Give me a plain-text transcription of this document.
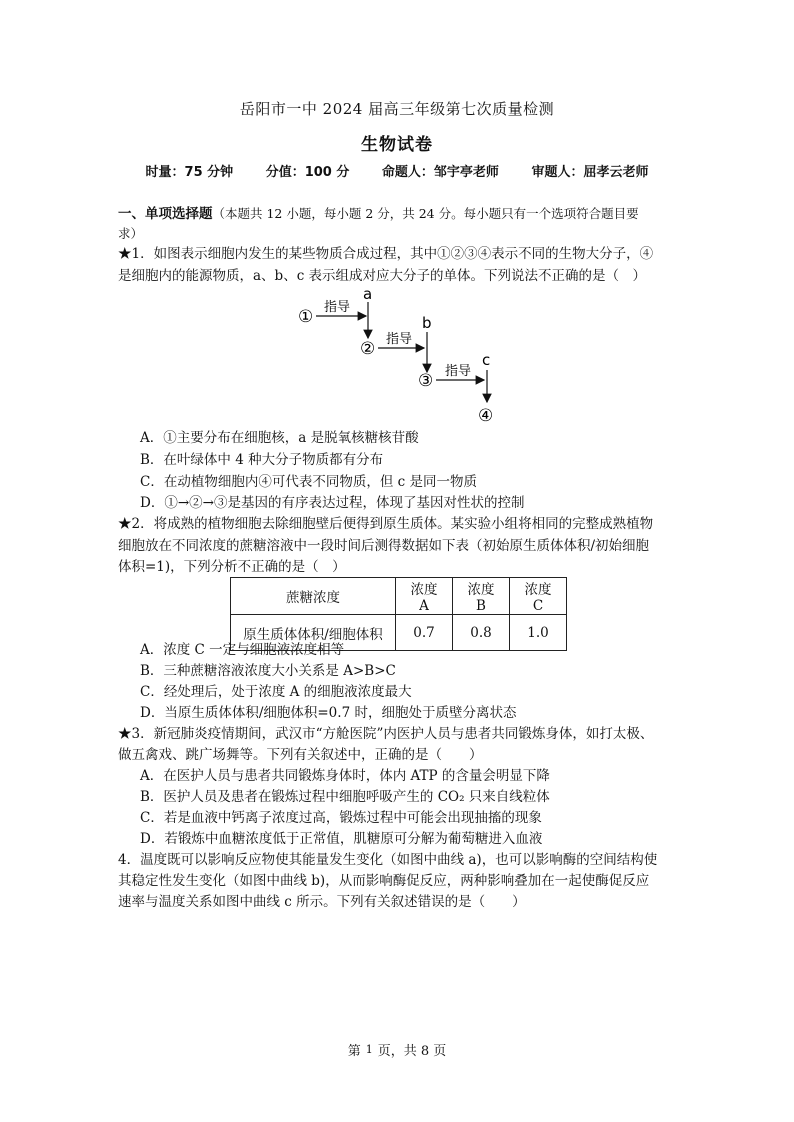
岳阳市一中 2024 届高三年级第七次质量检测
生物试卷
时量：75 分钟	分值：100 分	命题人：邹宇亭老师	审题人：屈孝云老师
一、单项选择题（本题共 12 小题，每小题 2 分，共 24 分。每小题只有一个选项符合题目要
求）
★1．如图表示细胞内发生的某些物质合成过程，其中①②③④表示不同的生物大分子，④
是细胞内的能源物质，a、b、c 表示组成对应大分子的单体。下列说法不正确的是（　）
① 指导
a
② 指导
b
③ 指导
c
④
A．①主要分布在细胞核，a 是脱氧核糖核苷酸
B．在叶绿体中 4 种大分子物质都有分布
C．在动植物细胞内④可代表不同物质，但 c 是同一物质
D．①→②→③是基因的有序表达过程，体现了基因对性状的控制
★2．将成熟的植物细胞去除细胞壁后便得到原生质体。某实验小组将相同的完整成熟植物
细胞放在不同浓度的蔗糖溶液中一段时间后测得数据如下表（初始原生质体体积/初始细胞
体积=1)，下列分析不正确的是（　）
蔗糖浓度	浓度 A	浓度 B	浓度 C
原生质体体积/细胞体积	0.7	0.8	1.0
A．浓度 C 一定与细胞液浓度相等
B．三种蔗糖溶液浓度大小关系是 A>B>C
C．经处理后，处于浓度 A 的细胞液浓度最大
D．当原生质体体积/细胞体积=0.7 时，细胞处于质壁分离状态
★3．新冠肺炎疫情期间，武汉市“方舱医院”内医护人员与患者共同锻炼身体，如打太极、
做五禽戏、跳广场舞等。下列有关叙述中，正确的是（　　）
A．在医护人员与患者共同锻炼身体时，体内 ATP 的含量会明显下降
B．医护人员及患者在锻炼过程中细胞呼吸产生的 CO₂ 只来自线粒体
C．若是血液中钙离子浓度过高，锻炼过程中可能会出现抽搐的现象
D．若锻炼中血糖浓度低于正常值，肌糖原可分解为葡萄糖进入血液
4．温度既可以影响反应物使其能量发生变化（如图中曲线 a)，也可以影响酶的空间结构使
其稳定性发生变化（如图中曲线 b)，从而影响酶促反应，两种影响叠加在一起使酶促反应
速率与温度关系如图中曲线 c 所示。下列有关叙述错误的是（　　）
第 1 页，共 8 页
